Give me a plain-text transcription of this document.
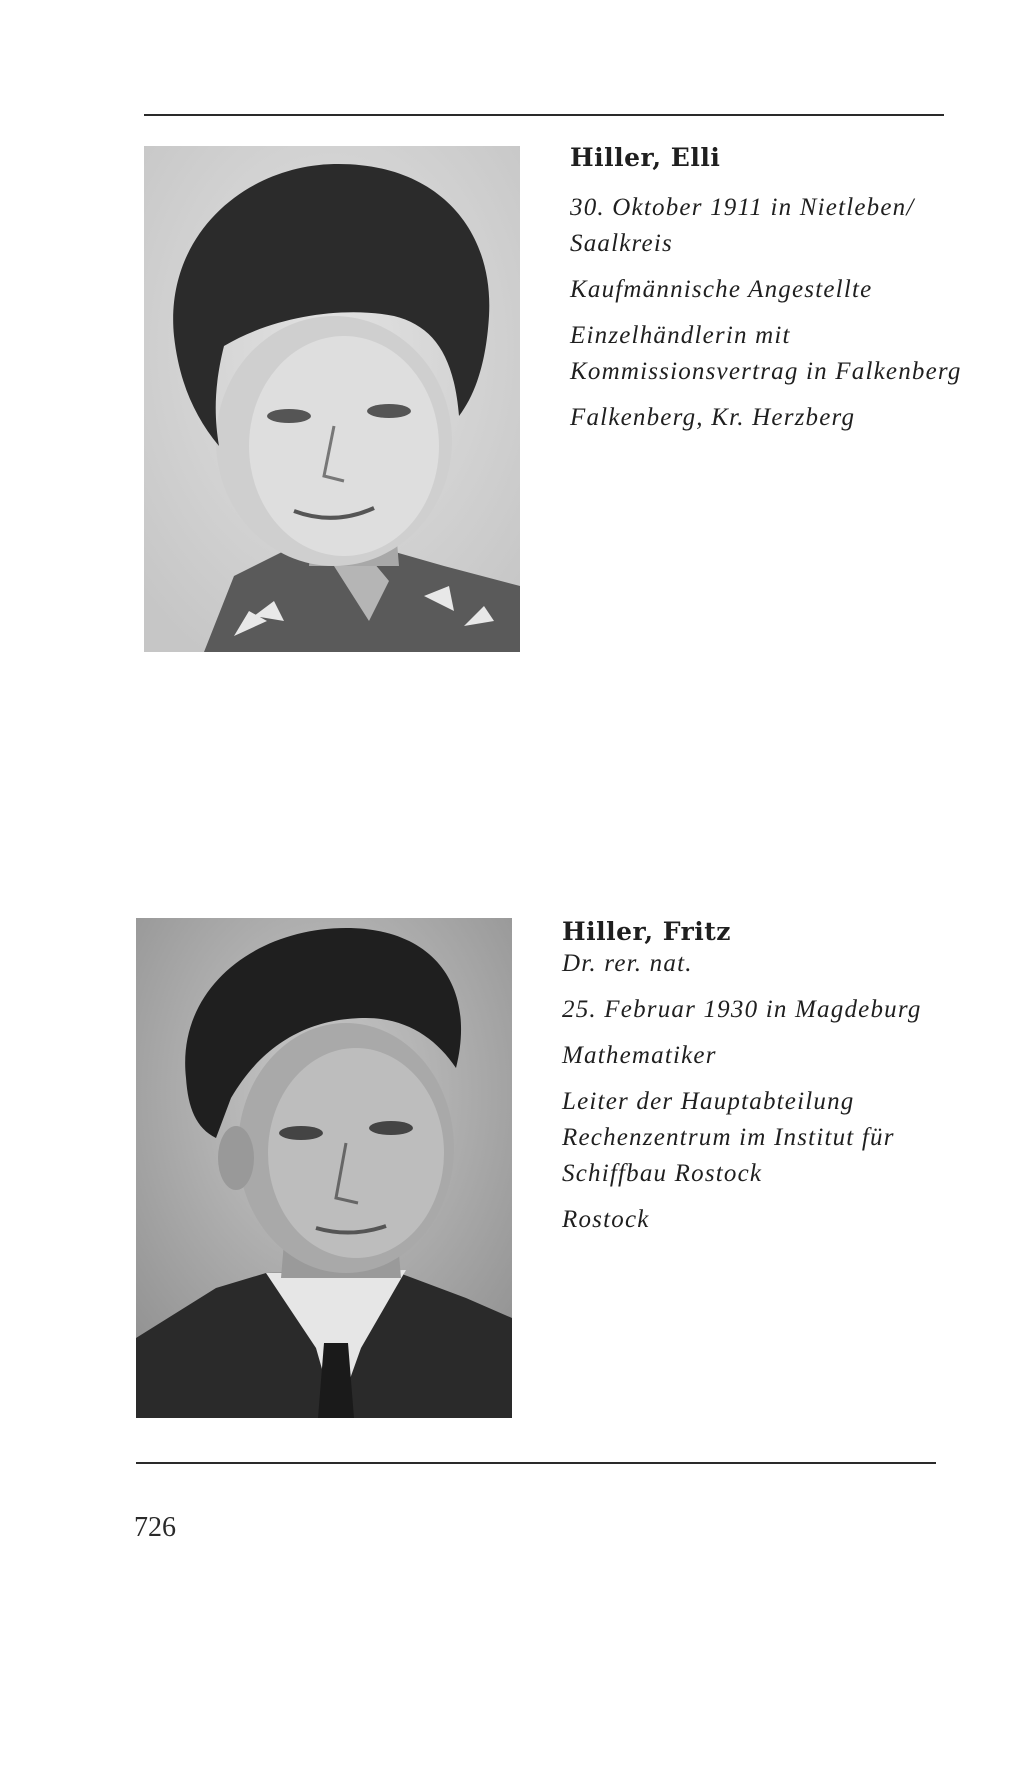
Hiller, Elli

30. Oktober 1911 in Nietleben/

Saalkreis

Kaufmännische Angestellte

Einzelhändlerin mit

Kommissionsvertrag in Falkenberg

Falkenberg, Kr. Herzberg

Hiller, Fritz

Dr. rer. nat.

25. Februar 1930 in Magdeburg

Mathematiker

Leiter der Hauptabteilung

Rechenzentrum im Institut für

Schiffbau Rostock

Rostock

726
